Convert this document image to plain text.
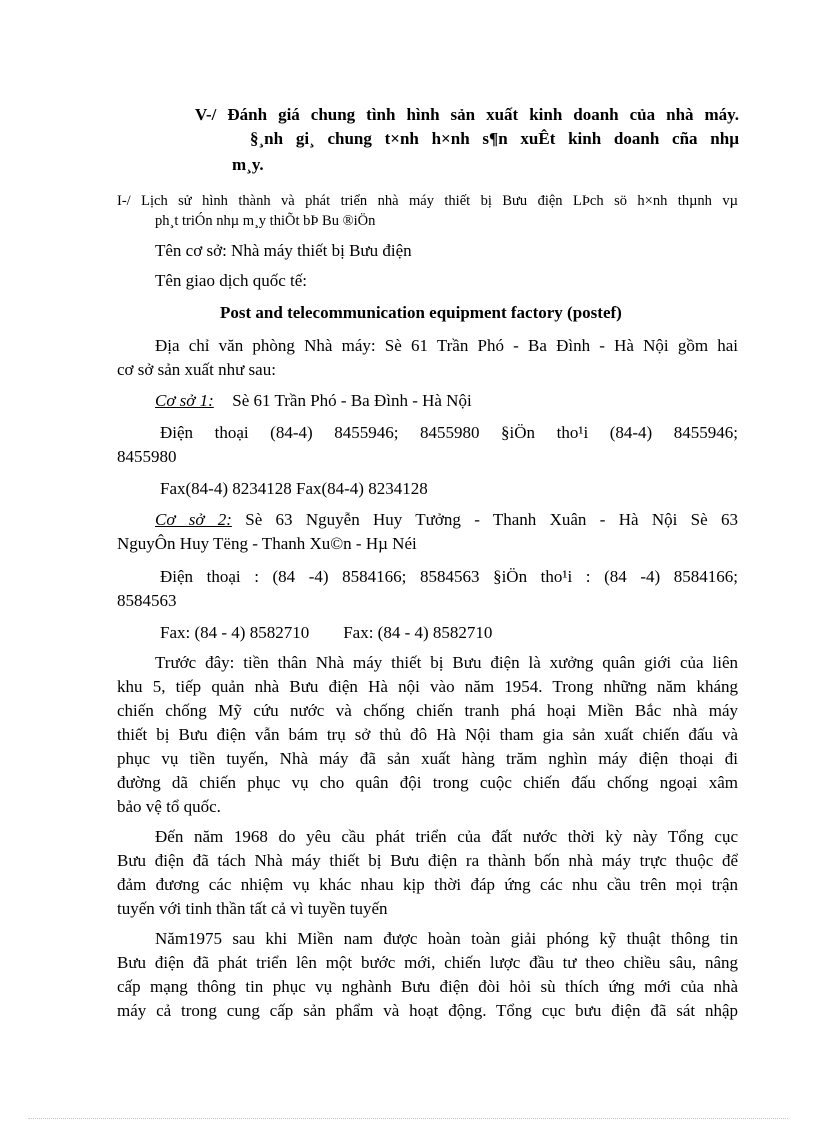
V-/ Đánh giá chung tình hình sản xuất kinh doanh của nhà máy.
§¸nh gi¸ chung t×nh h×nh s¶n xuÊt kinh doanh cña nhµ
m¸y.
I-/ Lịch sử hình thành và phát triển nhà máy thiết bị Bưu điện LÞch sö h×nh thµnh vµ
ph¸t triÓn nhµ m¸y thiÕt bÞ Bu ®iÖn
Tên cơ sở: Nhà máy thiết bị Bưu điện
Tên giao dịch quốc tế:
Post and telecommunication equipment factory (postef)
Địa chỉ văn phòng Nhà máy: Sè 61 Trần Phó - Ba Đình - Hà Nội gồm hai
cơ sở sản xuất như sau:
Cơ sở 1: Sè 61 Trần Phó - Ba Đình - Hà Nội
Điện thoại (84-4) 8455946; 8455980 §iÖn tho¹i (84-4) 8455946;
8455980
Fax(84-4) 8234128 Fax(84-4) 8234128
Cơ sở 2: Sè 63 Nguyễn Huy Tưởng - Thanh Xuân - Hà Nội Sè 63
NguyÔn Huy Tëng - Thanh Xu©n - Hµ Néi
Điện thoại : (84 -4) 8584166; 8584563 §iÖn tho¹i : (84 -4) 8584166;
8584563
Fax: (84 - 4) 8582710        Fax: (84 - 4) 8582710
Trước đây: tiền thân Nhà máy thiết bị Bưu điện là xưởng quân giới của liên
khu 5, tiếp quản nhà Bưu điện Hà nội vào năm 1954. Trong những năm kháng
chiến chống Mỹ cứu nước và chống chiến tranh phá hoại Miền Bắc nhà máy
thiết bị Bưu điện vẫn bám trụ sở thủ đô Hà Nội tham gia sản xuất chiến đấu và
phục vụ tiền tuyến, Nhà máy đã sản xuất hàng trăm nghìn máy điện thoại đi
đường dã chiến phục vụ cho quân đội trong cuộc chiến đấu chống ngoại xâm
bảo vệ tổ quốc.
Đến năm 1968 do yêu cầu phát triển của đất nước thời kỳ này Tổng cục
Bưu điện đã tách Nhà máy thiết bị Bưu điện ra thành bốn nhà máy trực thuộc để
đảm đương các nhiệm vụ khác nhau kịp thời đáp ứng các nhu cầu trên mọi trận
tuyến với tinh thần tất cả vì tuyền tuyến
Năm1975 sau khi Miền nam được hoàn toàn giải phóng kỹ thuật thông tin
Bưu điện đã phát triển lên một bước mới, chiến lược đầu tư theo chiều sâu, nâng
cấp mạng thông tin phục vụ nghành Bưu điện đòi hỏi sù thích ứng mới của nhà
máy cả trong cung cấp sản phẩm và hoạt động. Tổng cục bưu điện đã sát nhập
